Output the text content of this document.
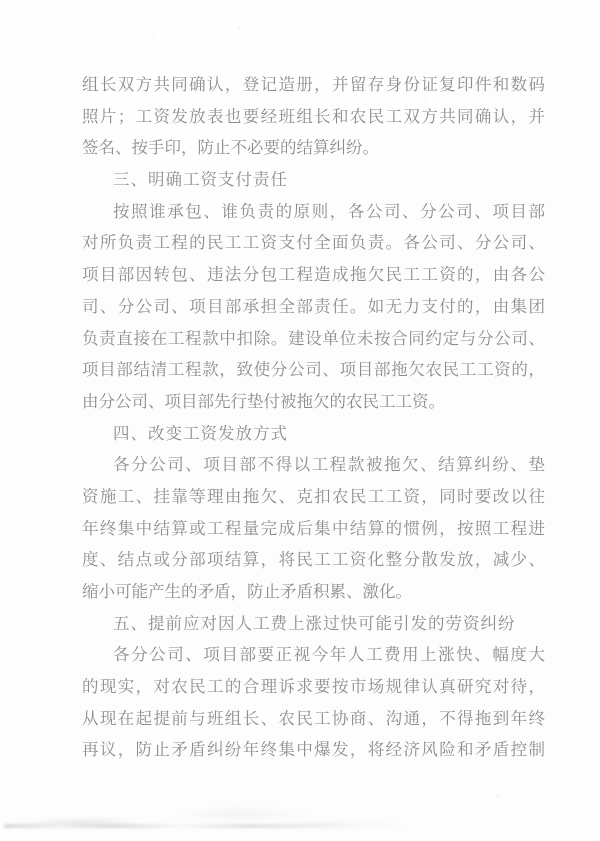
组长双方共同确认，登记造册，并留存身份证复印件和数码
照片；工资发放表也要经班组长和农民工双方共同确认，并
签名、按手印，防止不必要的结算纠纷。
三、明确工资支付责任
按照谁承包、谁负责的原则，各公司、分公司、项目部
对所负责工程的民工工资支付全面负责。各公司、分公司、
项目部因转包、违法分包工程造成拖欠民工工资的，由各公
司、分公司、项目部承担全部责任。如无力支付的，由集团
负责直接在工程款中扣除。建设单位未按合同约定与分公司、
项目部结清工程款，致使分公司、项目部拖欠农民工工资的，
由分公司、项目部先行垫付被拖欠的农民工工资。
四、改变工资发放方式
各分公司、项目部不得以工程款被拖欠、结算纠纷、垫
资施工、挂靠等理由拖欠、克扣农民工工资，同时要改以往
年终集中结算或工程量完成后集中结算的惯例，按照工程进
度、结点或分部项结算，将民工工资化整分散发放，减少、
缩小可能产生的矛盾，防止矛盾积累、激化。
五、提前应对因人工费上涨过快可能引发的劳资纠纷
各分公司、项目部要正视今年人工费用上涨快、幅度大
的现实，对农民工的合理诉求要按市场规律认真研究对待，
从现在起提前与班组长、农民工协商、沟通，不得拖到年终
再议，防止矛盾纠纷年终集中爆发，将经济风险和矛盾控制
